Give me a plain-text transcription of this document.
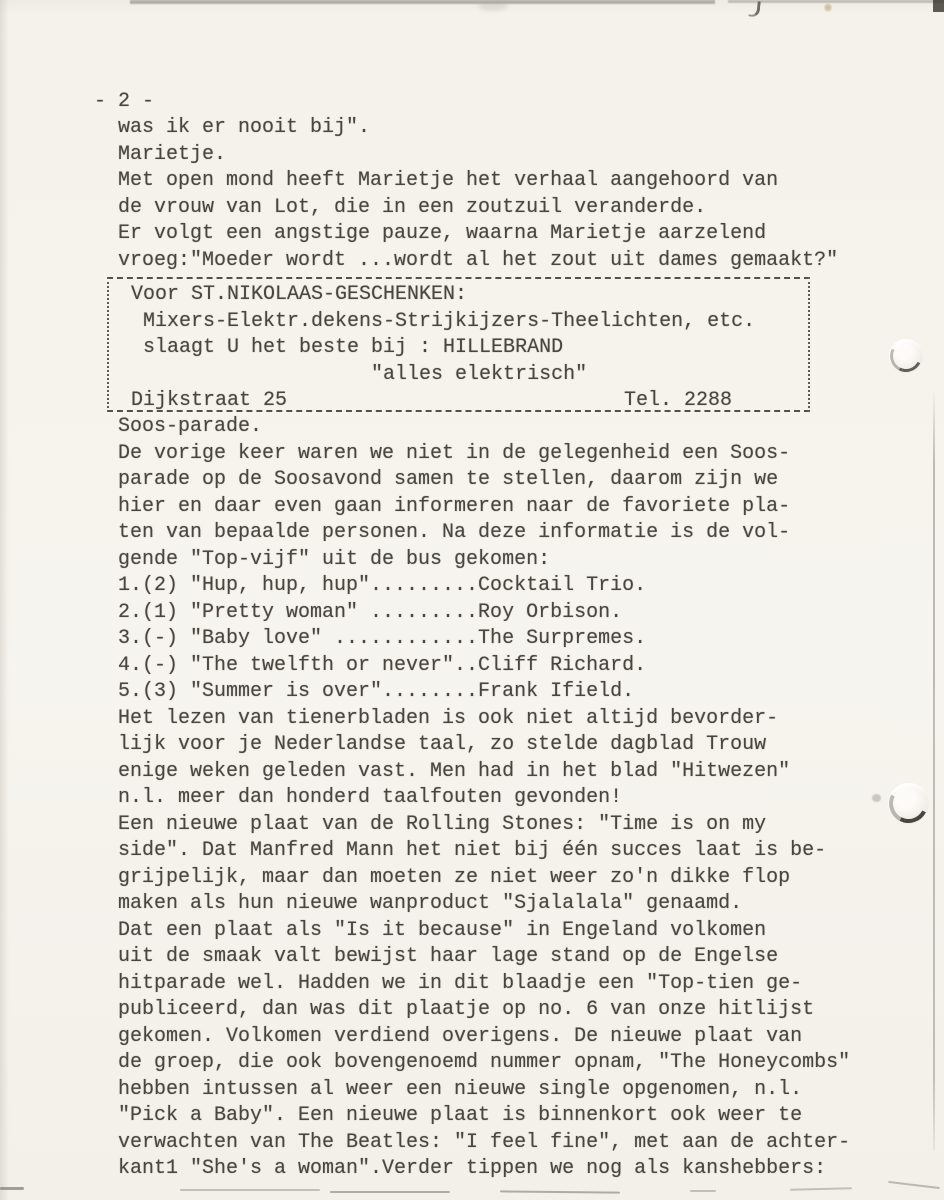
- 2 -
was ik er nooit bij".
Marietje.
Met open mond heeft Marietje het verhaal aangehoord van
de vrouw van Lot, die in een zoutzuil veranderde.
Er volgt een angstige pauze, waarna Marietje aarzelend
vroeg:"Moeder wordt ...wordt al het zout uit dames gemaakt?"
Voor ST.NIKOLAAS-GESCHENKEN:
Mixers-Elektr.dekens-Strijkijzers-Theelichten, etc.
slaagt U het beste bij : HILLEBRAND
"alles elektrisch"
Dijkstraat 25	Tel. 2288
Soos-parade.
De vorige keer waren we niet in de gelegenheid een Soos-
parade op de Soosavond samen te stellen, daarom zijn we
hier en daar even gaan informeren naar de favoriete pla-
ten van bepaalde personen. Na deze informatie is de vol-
gende "Top-vijf" uit de bus gekomen:
1.(2) "Hup, hup, hup".........Cocktail Trio.
2.(1) "Pretty woman" .........Roy Orbison.
3.(-) "Baby love" ............The Surpremes.
4.(-) "The twelfth or never"..Cliff Richard.
5.(3) "Summer is over"........Frank Ifield.
Het lezen van tienerbladen is ook niet altijd bevorder-
lijk voor je Nederlandse taal, zo stelde dagblad Trouw
enige weken geleden vast. Men had in het blad "Hitwezen"
n.l. meer dan honderd taalfouten gevonden!
Een nieuwe plaat van de Rolling Stones: "Time is on my
side". Dat Manfred Mann het niet bij één succes laat is be-
grijpelijk, maar dan moeten ze niet weer zo'n dikke flop
maken als hun nieuwe wanproduct "Sjalalala" genaamd.
Dat een plaat als "Is it because" in Engeland volkomen
uit de smaak valt bewijst haar lage stand op de Engelse
hitparade wel. Hadden we in dit blaadje een "Top-tien ge-
publiceerd, dan was dit plaatje op no. 6 van onze hitlijst
gekomen. Volkomen verdiend overigens. De nieuwe plaat van
de groep, die ook bovengenoemd nummer opnam, "The Honeycombs"
hebben intussen al weer een nieuwe single opgenomen, n.l.
"Pick a Baby". Een nieuwe plaat is binnenkort ook weer te
verwachten van The Beatles: "I feel fine", met aan de achter-
kant1 "She's a woman".Verder tippen we nog als kanshebbers:
